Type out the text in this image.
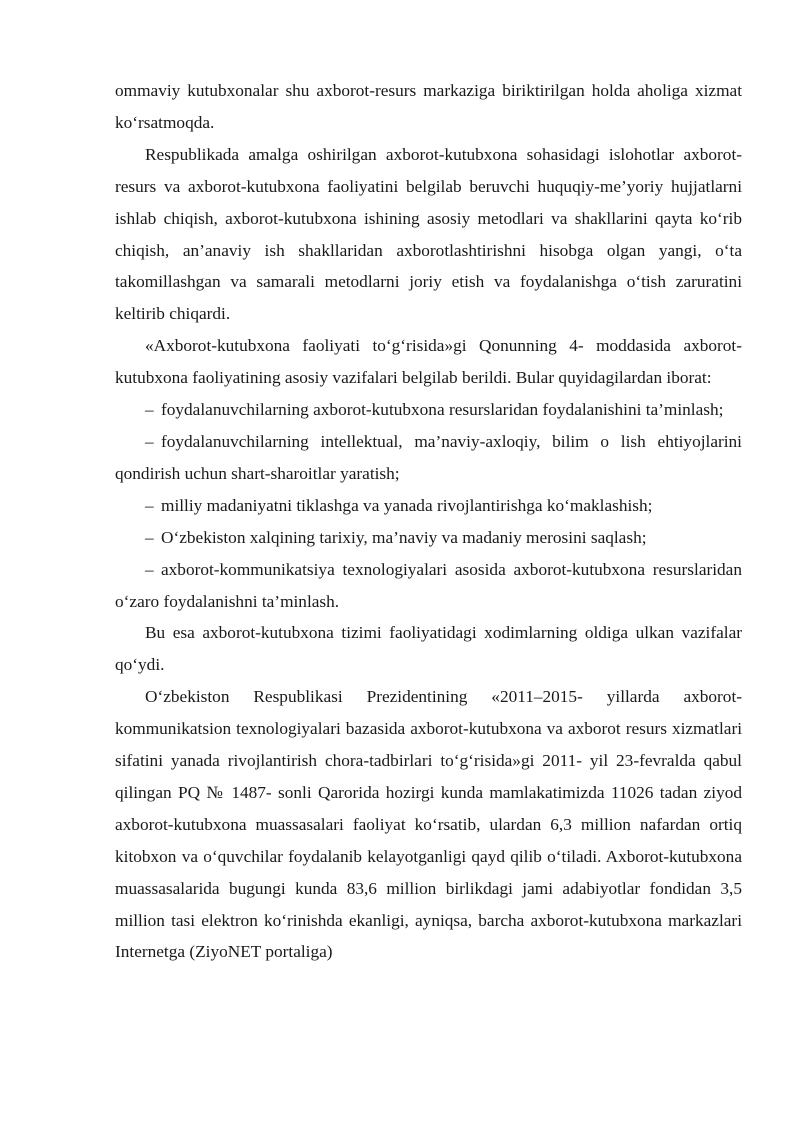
ommaviy kutubxonalar shu axborot-resurs markaziga biriktirilgan holda aholiga xizmat ko‘rsatmoqda.

Respublikada amalga oshirilgan axborot-kutubxona sohasidagi islohotlar axborot-resurs va axborot-kutubxona faoliyatini belgilab beruvchi huquqiy-me’yoriy hujjatlarni ishlab chiqish, axborot-kutubxona ishining asosiy metodlari va shakllarini qayta ko‘rib chiqish, an’anaviy ish shakllaridan axborotlashtirishni hisobga olgan yangi, o‘ta takomillashgan va samarali metodlarni joriy etish va foydalanishga o‘tish zaruratini keltirib chiqardi.

«Axborot-kutubxona faoliyati to‘g‘risida»gi Qonunning 4- moddasida axborot-kutubxona faoliyatining asosiy vazifalari belgilab berildi. Bular quyidagilardan iborat:

– foydalanuvchilarning axborot-kutubxona resurslaridan foydalanishini ta’minlash;

– foydalanuvchilarning intellektual, ma’naviy-axloqiy, bilim o lish ehtiyojlarini qondirish uchun shart-sharoitlar yaratish;

– milliy madaniyatni tiklashga va yanada rivojlantirishga ko‘maklashish;

– O‘zbekiston xalqining tarixiy, ma’naviy va madaniy merosini saqlash;

– axborot-kommunikatsiya texnologiyalari asosida axborot-kutubxona resurslaridan o‘zaro foydalanishni ta’minlash.

Bu esa axborot-kutubxona tizimi faoliyatidagi xodimlarning oldiga ulkan vazifalar qo‘ydi.

O‘zbekiston Respublikasi Prezidentining «2011–2015- yillarda axborot-kommunikatsion texnologiyalari bazasida axborot-kutubxona va axborot resurs xizmatlari sifatini yanada rivojlantirish chora-tadbirlari to‘g‘risida»gi 2011- yil 23-fevralda qabul qilingan PQ № 1487- sonli Qarorida hozirgi kunda mamlakatimizda 11026 tadan ziyod axborot-kutubxona muassasalari faoliyat ko‘rsatib, ulardan 6,3 million nafardan ortiq kitobxon va o‘quvchilar foydalanib kelayotganligi qayd qilib o‘tiladi. Axborot-kutubxona muassasalarida bugungi kunda 83,6 million birlikdagi jami adabiyotlar fondidan 3,5 million tasi elektron ko‘rinishda ekanligi, ayniqsa, barcha axborot-kutubxona markazlari Internetga (ZiyoNET portaliga)
